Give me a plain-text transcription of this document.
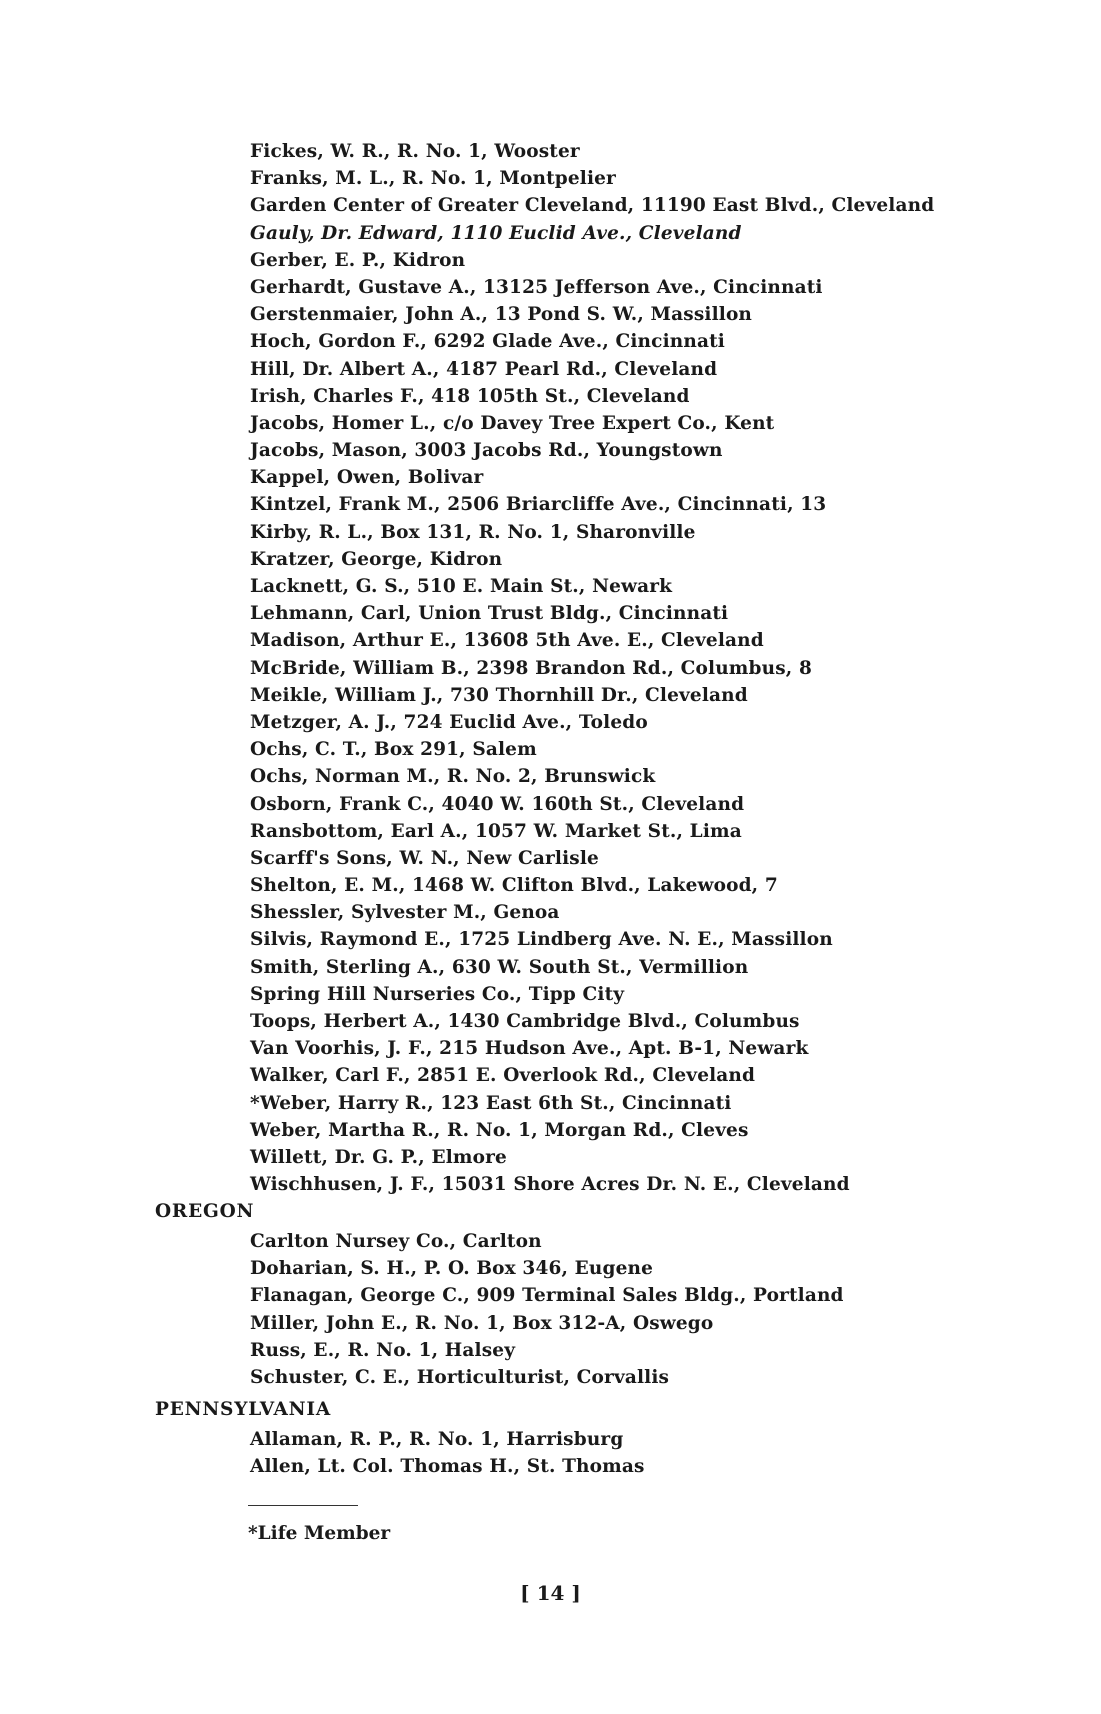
Fickes, W. R., R. No. 1, Wooster
Franks, M. L., R. No. 1, Montpelier
Garden Center of Greater Cleveland, 11190 East Blvd., Cleveland
Gauly, Dr. Edward, 1110 Euclid Ave., Cleveland
Gerber, E. P., Kidron
Gerhardt, Gustave A., 13125 Jefferson Ave., Cincinnati
Gerstenmaier, John A., 13 Pond S. W., Massillon
Hoch, Gordon F., 6292 Glade Ave., Cincinnati
Hill, Dr. Albert A., 4187 Pearl Rd., Cleveland
Irish, Charles F., 418 105th St., Cleveland
Jacobs, Homer L., c/o Davey Tree Expert Co., Kent
Jacobs, Mason, 3003 Jacobs Rd., Youngstown
Kappel, Owen, Bolivar
Kintzel, Frank M., 2506 Briarcliffe Ave., Cincinnati, 13
Kirby, R. L., Box 131, R. No. 1, Sharonville
Kratzer, George, Kidron
Lacknett, G. S., 510 E. Main St., Newark
Lehmann, Carl, Union Trust Bldg., Cincinnati
Madison, Arthur E., 13608 5th Ave. E., Cleveland
McBride, William B., 2398 Brandon Rd., Columbus, 8
Meikle, William J., 730 Thornhill Dr., Cleveland
Metzger, A. J., 724 Euclid Ave., Toledo
Ochs, C. T., Box 291, Salem
Ochs, Norman M., R. No. 2, Brunswick
Osborn, Frank C., 4040 W. 160th St., Cleveland
Ransbottom, Earl A., 1057 W. Market St., Lima
Scarff's Sons, W. N., New Carlisle
Shelton, E. M., 1468 W. Clifton Blvd., Lakewood, 7
Shessler, Sylvester M., Genoa
Silvis, Raymond E., 1725 Lindberg Ave. N. E., Massillon
Smith, Sterling A., 630 W. South St., Vermillion
Spring Hill Nurseries Co., Tipp City
Toops, Herbert A., 1430 Cambridge Blvd., Columbus
Van Voorhis, J. F., 215 Hudson Ave., Apt. B-1, Newark
Walker, Carl F., 2851 E. Overlook Rd., Cleveland
*Weber, Harry R., 123 East 6th St., Cincinnati
Weber, Martha R., R. No. 1, Morgan Rd., Cleves
Willett, Dr. G. P., Elmore
Wischhusen, J. F., 15031 Shore Acres Dr. N. E., Cleveland
OREGON
Carlton Nursey Co., Carlton
Doharian, S. H., P. O. Box 346, Eugene
Flanagan, George C., 909 Terminal Sales Bldg., Portland
Miller, John E., R. No. 1, Box 312-A, Oswego
Russ, E., R. No. 1, Halsey
Schuster, C. E., Horticulturist, Corvallis
PENNSYLVANIA
Allaman, R. P., R. No. 1, Harrisburg
Allen, Lt. Col. Thomas H., St. Thomas
*Life Member
[ 14 ]
